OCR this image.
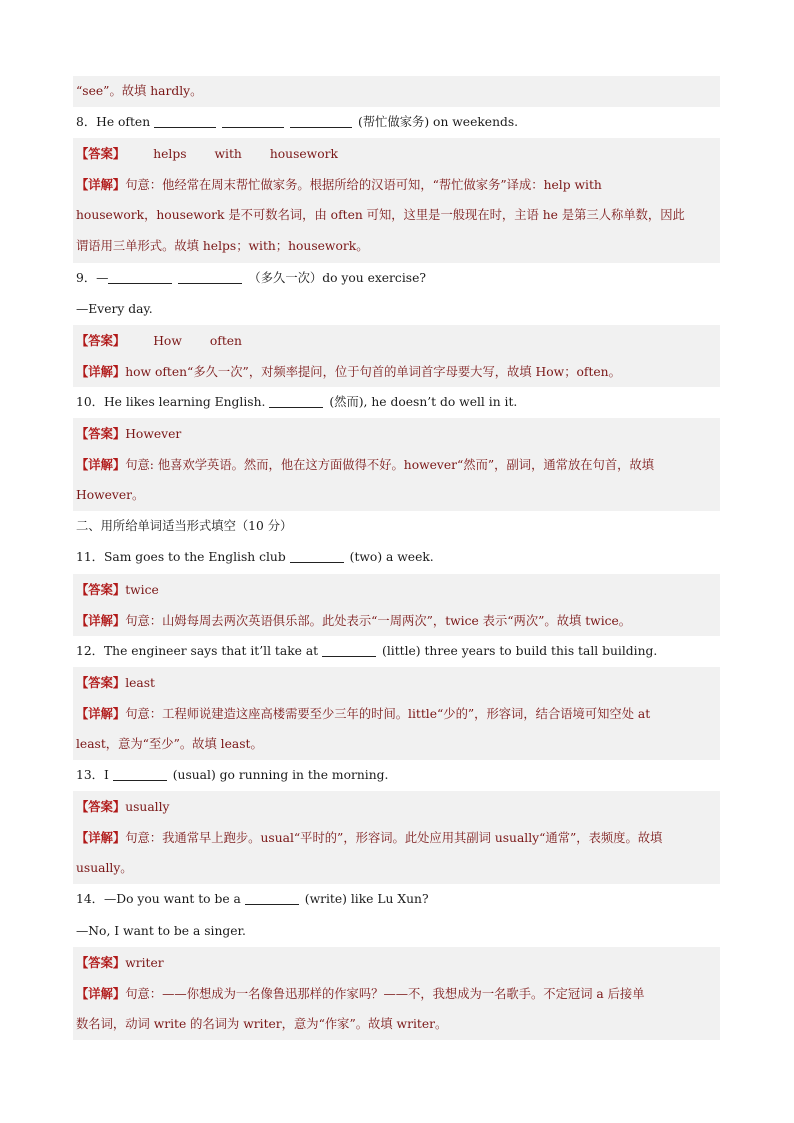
“see”。故填 hardly。
8．He often	(帮忙做家务) on weekends.
【答案】 helps with housework
【详解】句意：他经常在周末帮忙做家务。根据所给的汉语可知，“帮忙做家务”译成：help with
housework，housework 是不可数名词，由 often 可知，这里是一般现在时，主语 he 是第三人称单数，因此
谓语用三单形式。故填 helps；with；housework。
9．—	（多久一次）do you exercise?
—Every day.
【答案】 How often
【详解】how often“多久一次”，对频率提问，位于句首的单词首字母要大写，故填 How；often。
10．He likes learning English.	(然而), he doesn’t do well in it.
【答案】However
【详解】句意: 他喜欢学英语。然而，他在这方面做得不好。however“然而”，副词，通常放在句首，故填
However。
二、用所给单词适当形式填空（10 分）
11．Sam goes to the English club	(two) a week.
【答案】twice
【详解】句意：山姆每周去两次英语俱乐部。此处表示“一周两次”，twice 表示“两次”。故填 twice。
12．The engineer says that it’ll take at	(little) three years to build this tall building.
【答案】least
【详解】句意：工程师说建造这座高楼需要至少三年的时间。little“少的”，形容词，结合语境可知空处 at
least，意为“至少”。故填 least。
13．I	(usual) go running in the morning.
【答案】usually
【详解】句意：我通常早上跑步。usual“平时的”，形容词。此处应用其副词 usually“通常”，表频度。故填
usually。
14．—Do you want to be a	(write) like Lu Xun?
—No, I want to be a singer.
【答案】writer
【详解】句意：——你想成为一名像鲁迅那样的作家吗？——不，我想成为一名歌手。不定冠词 a 后接单
数名词，动词 write 的名词为 writer，意为“作家”。故填 writer。
